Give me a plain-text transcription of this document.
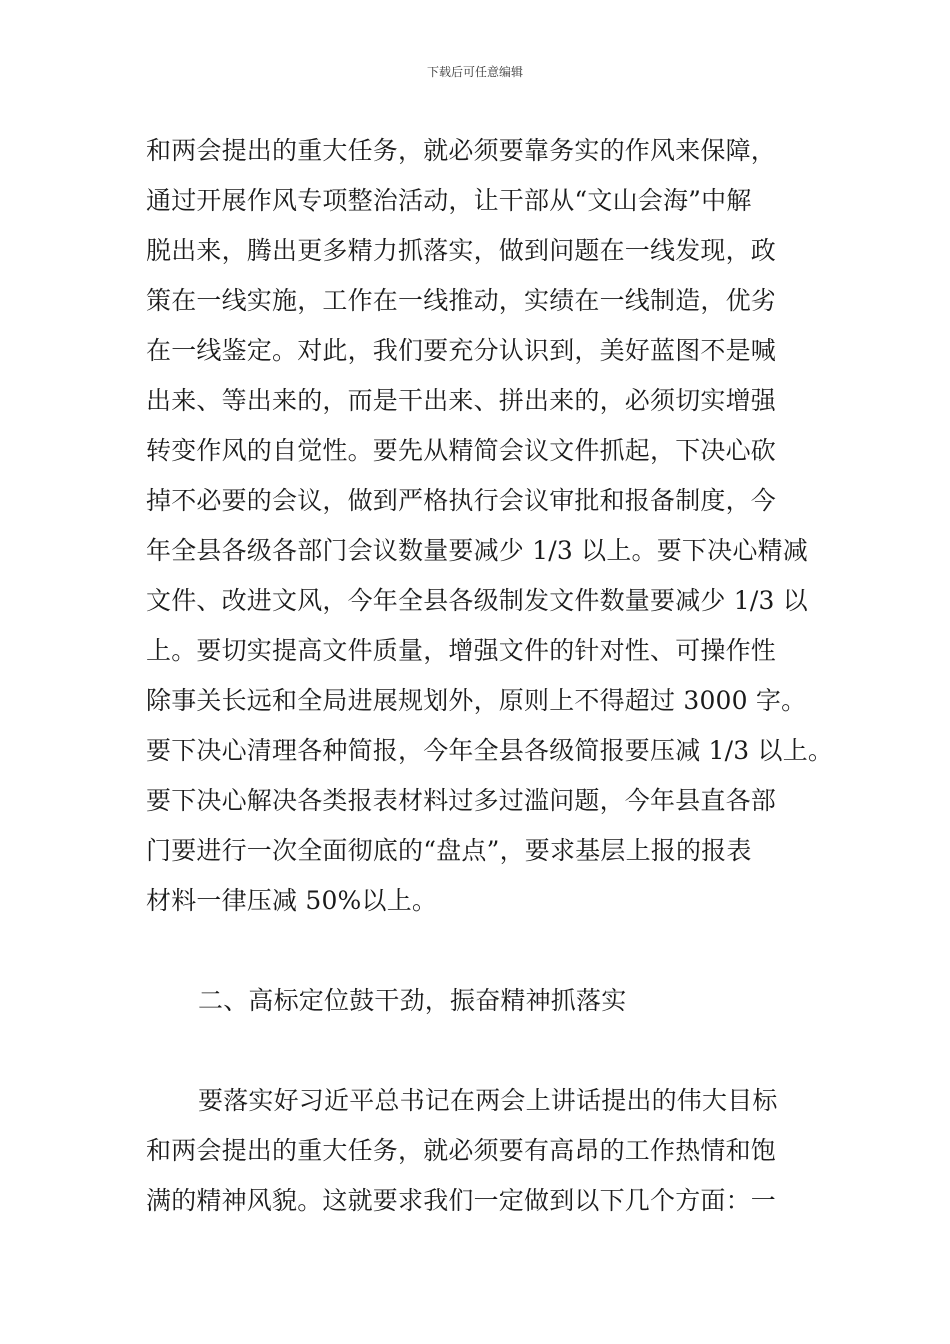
下载后可任意编辑
和两会提出的重大任务，就必须要靠务实的作风来保障，
通过开展作风专项整治活动，让干部从“文山会海”中解
脱出来，腾出更多精力抓落实，做到问题在一线发现，政
策在一线实施，工作在一线推动，实绩在一线制造，优劣
在一线鉴定。对此，我们要充分认识到，美好蓝图不是喊
出来、等出来的，而是干出来、拼出来的，必须切实增强
转变作风的自觉性。要先从精简会议文件抓起，下决心砍
掉不必要的会议，做到严格执行会议审批和报备制度，今
年全县各级各部门会议数量要减少 1/3 以上。要下决心精减
文件、改进文风，今年全县各级制发文件数量要减少 1/3 以
上。要切实提高文件质量，增强文件的针对性、可操作性
除事关长远和全局进展规划外，原则上不得超过 3000 字。
要下决心清理各种简报，今年全县各级简报要压减 1/3 以上。
要下决心解决各类报表材料过多过滥问题，今年县直各部
门要进行一次全面彻底的“盘点”，要求基层上报的报表
材料一律压减 50%以上。
二、高标定位鼓干劲，振奋精神抓落实
要落实好习近平总书记在两会上讲话提出的伟大目标
和两会提出的重大任务，就必须要有高昂的工作热情和饱
满的精神风貌。这就要求我们一定做到以下几个方面：一
